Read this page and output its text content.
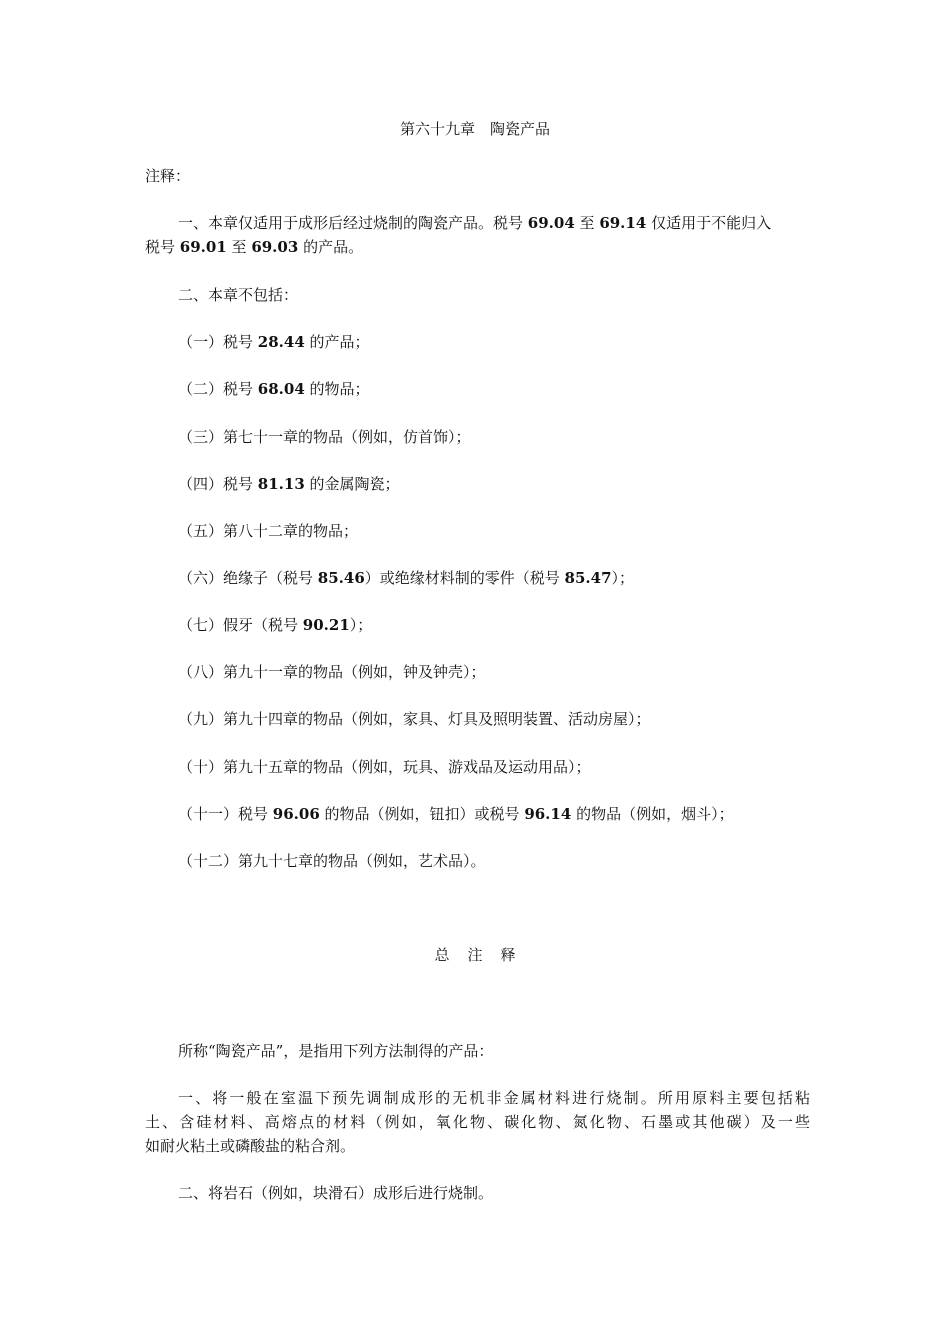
第六十九章　陶瓷产品
注释：
一、本章仅适用于成形后经过烧制的陶瓷产品。税号 69.04 至 69.14 仅适用于不能归入
税号 69.01 至 69.03 的产品。
二、本章不包括：
（一）税号 28.44 的产品；
（二）税号 68.04 的物品；
（三）第七十一章的物品（例如，仿首饰）；
（四）税号 81.13 的金属陶瓷；
（五）第八十二章的物品；
（六）绝缘子（税号 85.46）或绝缘材料制的零件（税号 85.47）；
（七）假牙（税号 90.21）；
（八）第九十一章的物品（例如，钟及钟壳）；
（九）第九十四章的物品（例如，家具、灯具及照明装置、活动房屋）；
（十）第九十五章的物品（例如，玩具、游戏品及运动用品）；
（十一）税号 96.06 的物品（例如，钮扣）或税号 96.14 的物品（例如，烟斗）；
（十二）第九十七章的物品（例如，艺术品）。
总注释
所称“陶瓷产品”，是指用下列方法制得的产品：
一、将一般在室温下预先调制成形的无机非金属材料进行烧制。所用原料主要包括粘
土、含硅材料、高熔点的材料（例如，氧化物、碳化物、氮化物、石墨或其他碳）及一些
如耐火粘土或磷酸盐的粘合剂。
二、将岩石（例如，块滑石）成形后进行烧制。
